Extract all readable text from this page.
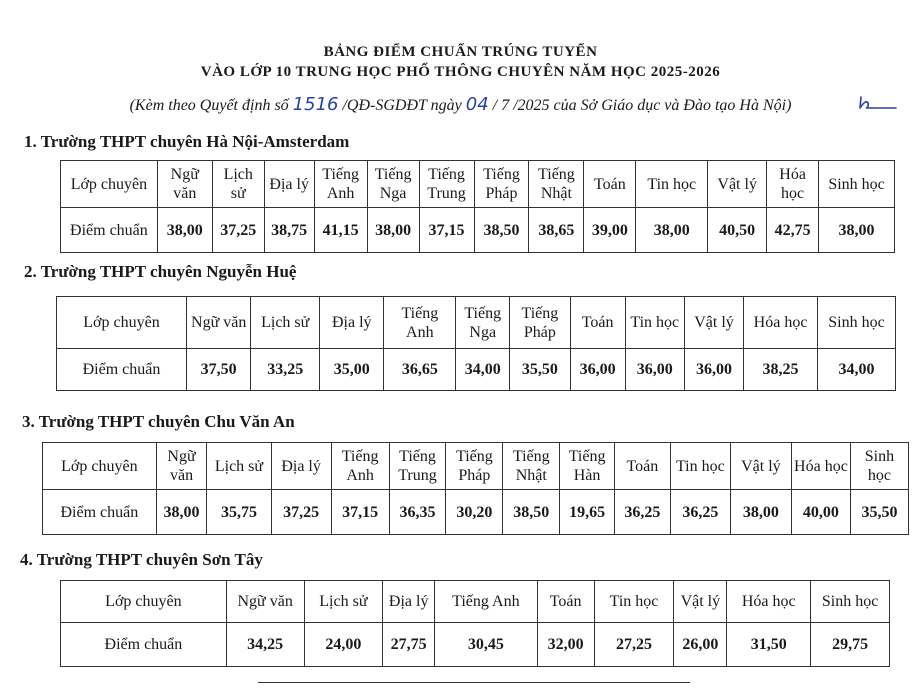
BẢNG ĐIỂM CHUẨN TRÚNG TUYỂN
VÀO LỚP 10 TRUNG HỌC PHỔ THÔNG CHUYÊN NĂM HỌC 2025-2026
(Kèm theo Quyết định số 1516 /QĐ-SGDĐT ngày 04 / 7 /2025 của Sở Giáo dục và Đào tạo Hà Nội)
1. Trường THPT chuyên Hà Nội-Amsterdam
Lớp chuyên	Ngữ văn	Lịch sử	Địa lý	Tiếng Anh	Tiếng Nga	Tiếng Trung	Tiếng Pháp	Tiếng Nhật	Toán	Tin học	Vật lý	Hóa học	Sinh học
Điểm chuẩn	38,00	37,25	38,75	41,15	38,00	37,15	38,50	38,65	39,00	38,00	40,50	42,75	38,00
2. Trường THPT chuyên Nguyễn Huệ
Lớp chuyên	Ngữ văn	Lịch sử	Địa lý	Tiếng Anh	Tiếng Nga	Tiếng Pháp	Toán	Tin học	Vật lý	Hóa học	Sinh học
Điểm chuẩn	37,50	33,25	35,00	36,65	34,00	35,50	36,00	36,00	36,00	38,25	34,00
3. Trường THPT chuyên Chu Văn An
Lớp chuyên	Ngữ văn	Lịch sử	Địa lý	Tiếng Anh	Tiếng Trung	Tiếng Pháp	Tiếng Nhật	Tiếng Hàn	Toán	Tin học	Vật lý	Hóa học	Sinh học
Điểm chuẩn	38,00	35,75	37,25	37,15	36,35	30,20	38,50	19,65	36,25	36,25	38,00	40,00	35,50
4. Trường THPT chuyên Sơn Tây
Lớp chuyên	Ngữ văn	Lịch sử	Địa lý	Tiếng Anh	Toán	Tin học	Vật lý	Hóa học	Sinh học
Điểm chuẩn	34,25	24,00	27,75	30,45	32,00	27,25	26,00	31,50	29,75
